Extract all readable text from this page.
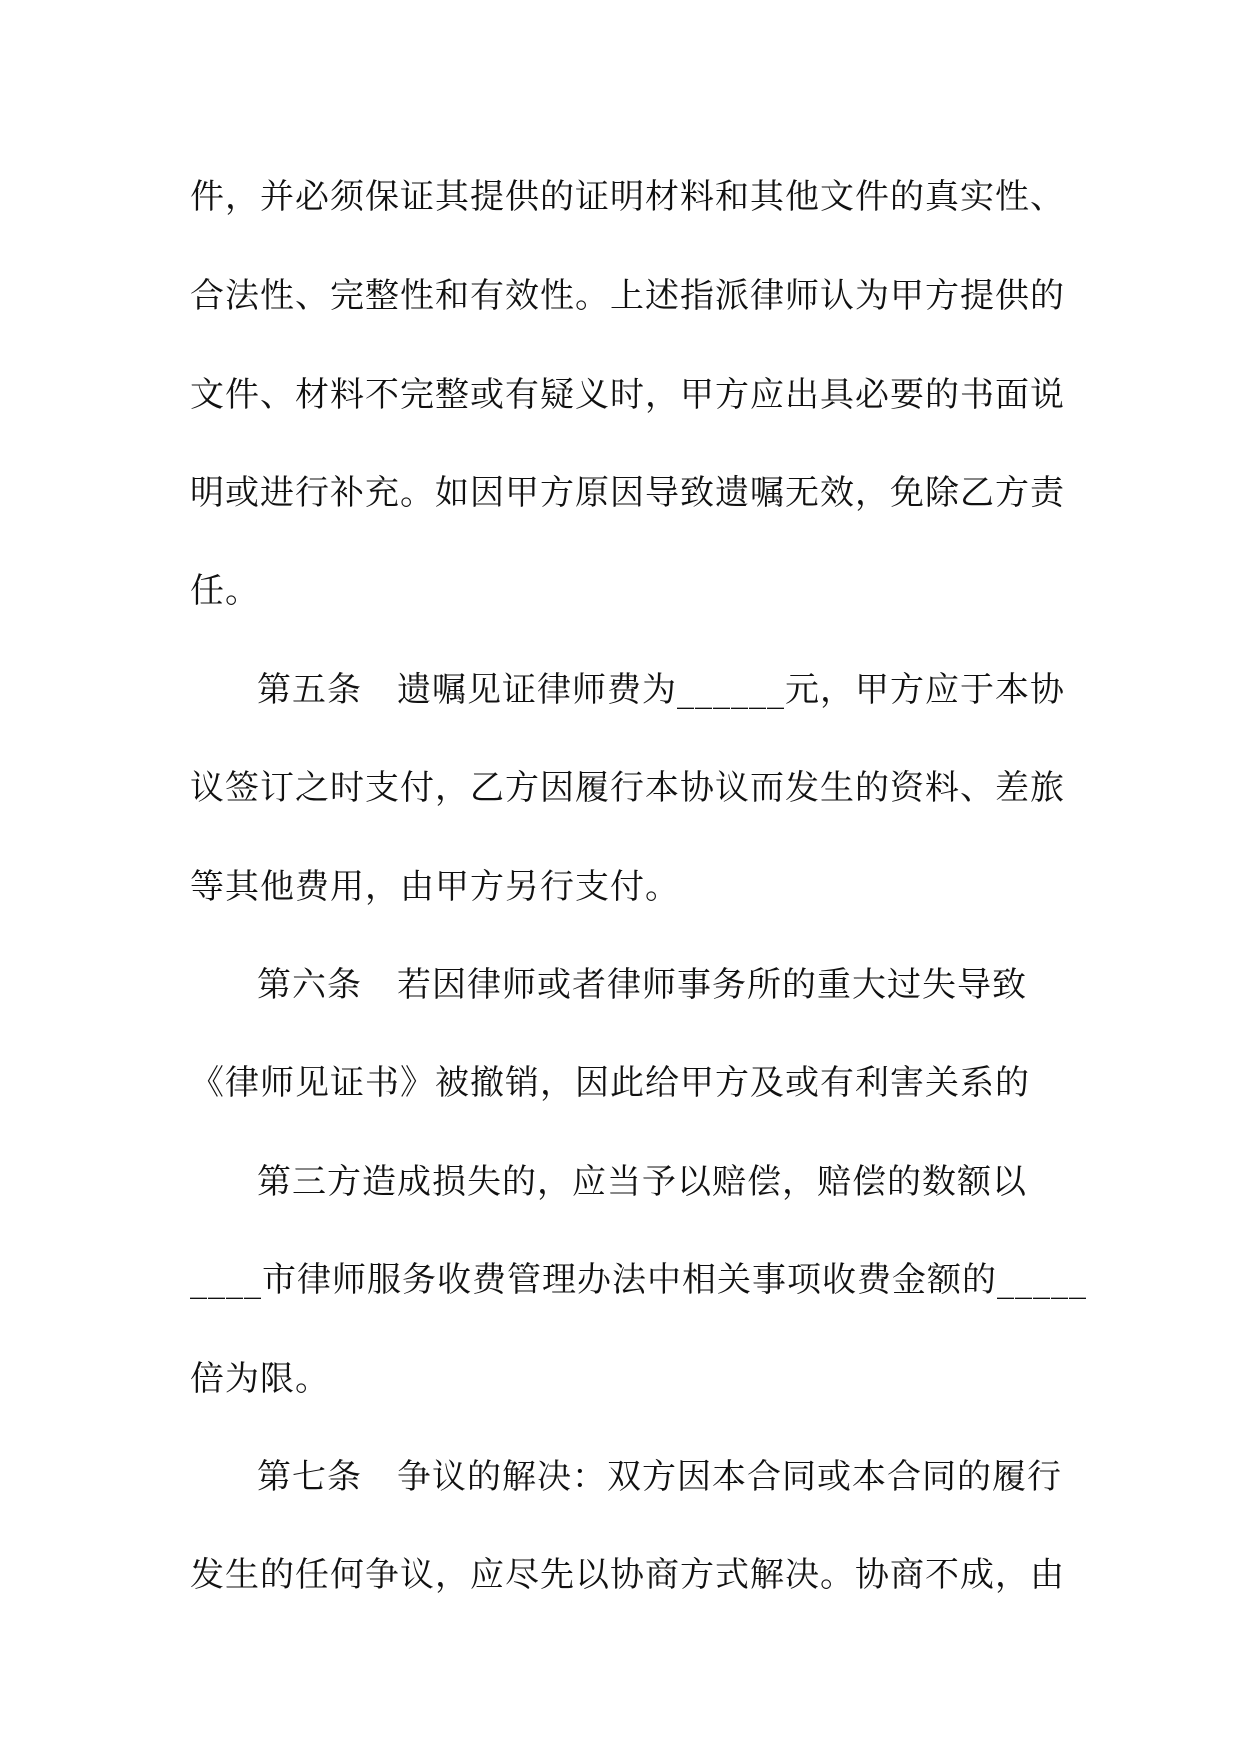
件，并必须保证其提供的证明材料和其他文件的真实性、
合法性、完整性和有效性。上述指派律师认为甲方提供的
文件、材料不完整或有疑义时，甲方应出具必要的书面说
明或进行补充。如因甲方原因导致遗嘱无效，免除乙方责
任。
第五条　遗嘱见证律师费为______元，甲方应于本协
议签订之时支付，乙方因履行本协议而发生的资料、差旅
等其他费用，由甲方另行支付。
第六条　若因律师或者律师事务所的重大过失导致
《律师见证书》被撤销，因此给甲方及或有利害关系的
第三方造成损失的，应当予以赔偿，赔偿的数额以
____市律师服务收费管理办法中相关事项收费金额的_____
倍为限。
第七条　争议的解决：双方因本合同或本合同的履行
发生的任何争议，应尽先以协商方式解决。协商不成，由
